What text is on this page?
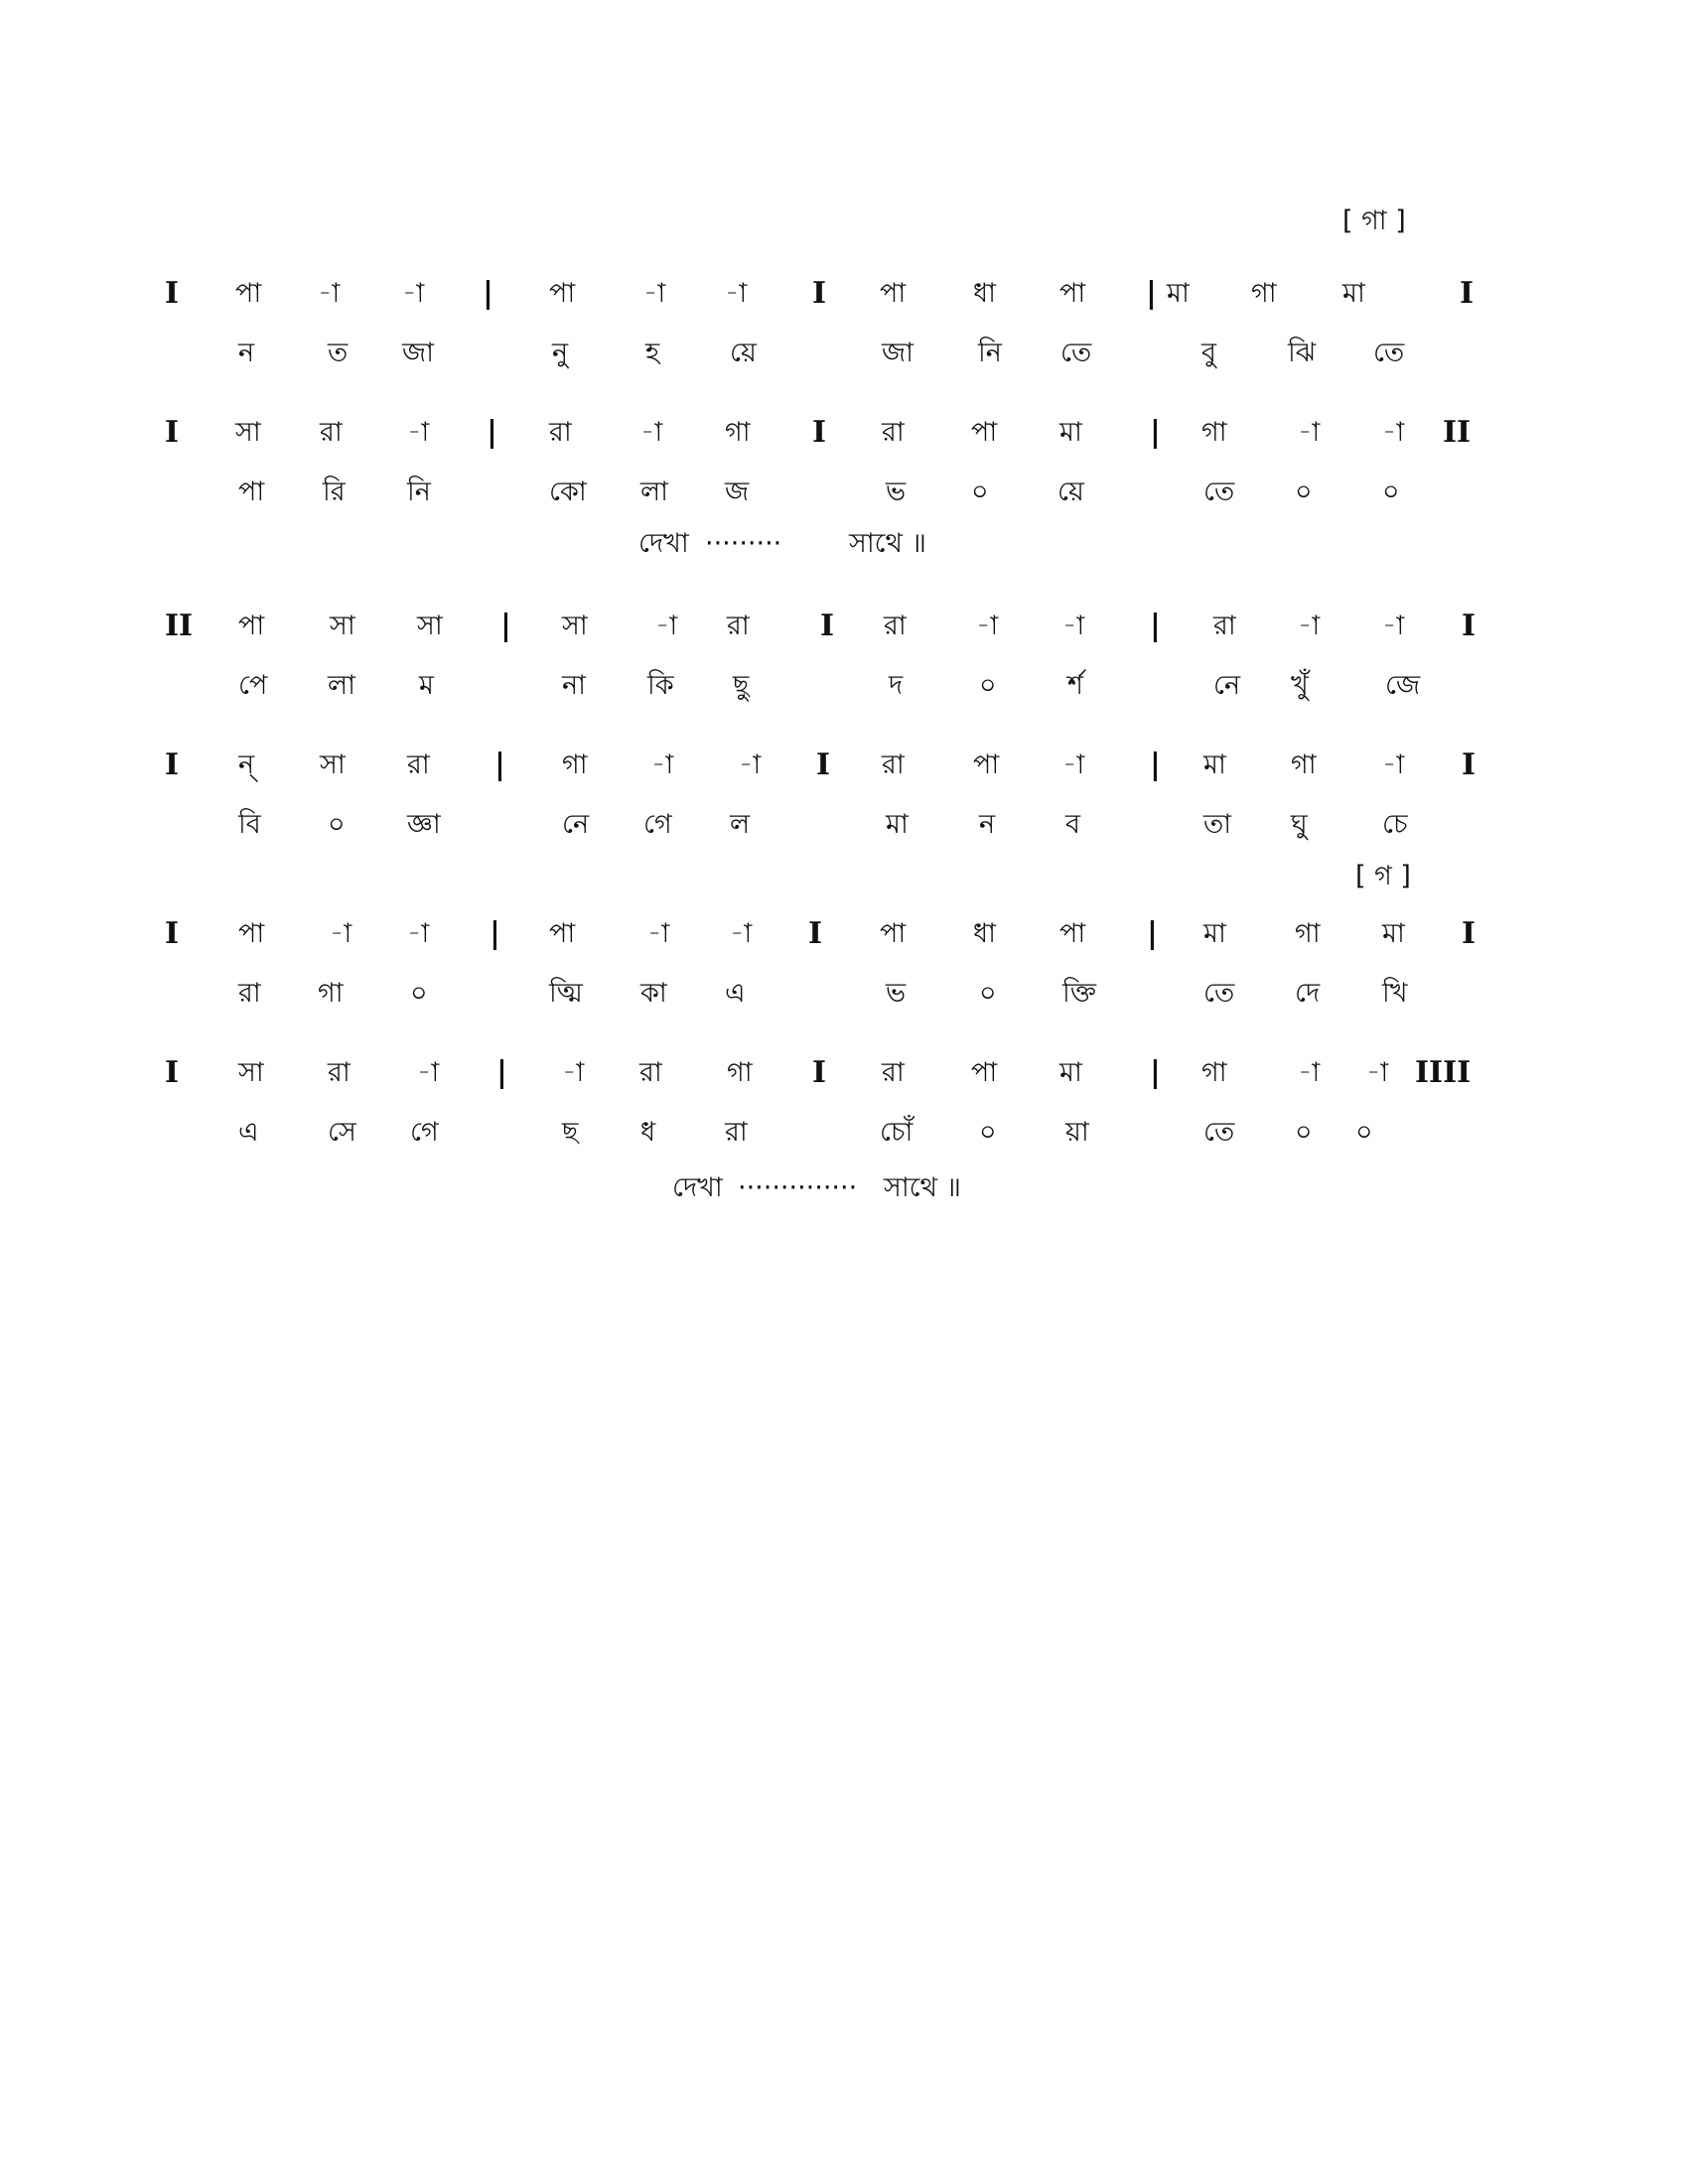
[ গা ]
I পা -া -া | পা	-া -া I পা	ধা পা | মা গা মা	I
ন	ত জা	নু	হ	য়ে	জা নি তে	বু	ঝি তে
I সা রা -া | রা	-া গা I রা পা মা | গা	-া -া II
পা রি নি	কো লা জ	ভ ০	য়ে	তে ০	০
দেখা ·········	সাথে ॥
II পা সা সা | সা	-া রা I রা	-া -া | রা -া -া I
পে লা ম	না কি ছু	দ	০	র্শ	নে খুঁ	জে
I ন্ সা রা | গা -া -া I রা	পা -া | মা গা -া I
বি ০ জ্ঞা	নে গে ল	মা	ন	ব	তা ঘু	চে
[ গ ]
I পা -া -া | পা	-া -া I পা	ধা পা | মা	গা মা I
রা গা ০	ত্মি কা এ	ভ	০ ক্তি	তে দে খি
I সা রা -া | -া রা গা I রা পা মা | গা	-া -া IIII
এ	সে গে	ছ ধ	রা	চোঁ ০	য়া	তে ০ ০
দেখা ·············· সাথে ॥
